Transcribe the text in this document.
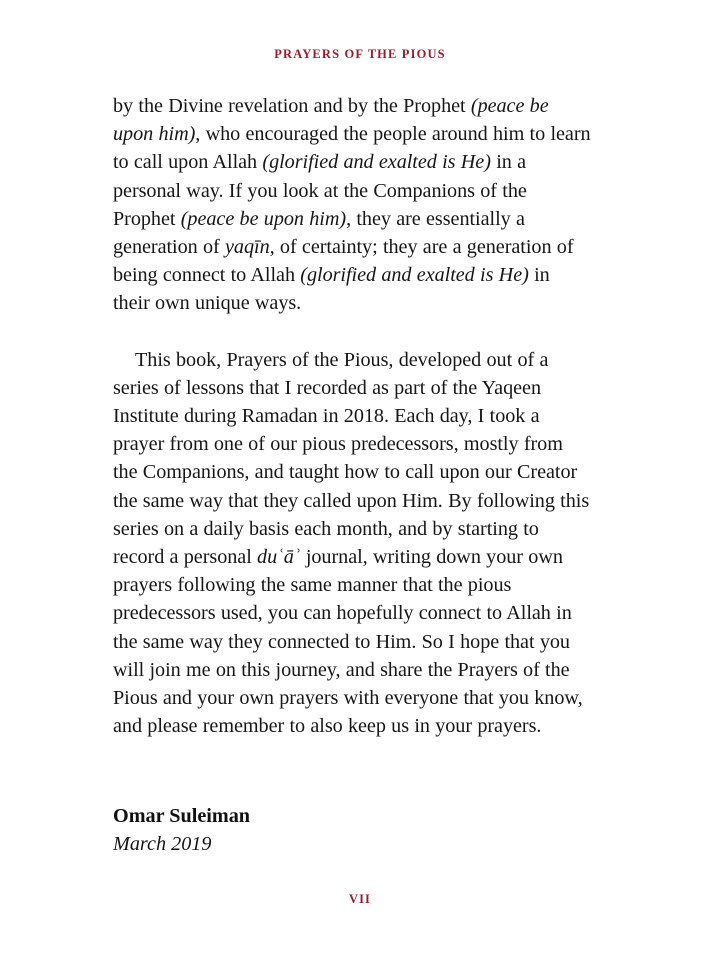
PRAYERS OF THE PIOUS

by the Divine revelation and by the Prophet (peace be upon him), who encouraged the people around him to learn to call upon Allah (glorified and exalted is He) in a personal way. If you look at the Companions of the Prophet (peace be upon him), they are essentially a generation of yaqīn, of certainty; they are a generation of being connect to Allah (glorified and exalted is He) in their own unique ways.

This book, Prayers of the Pious, developed out of a series of lessons that I recorded as part of the Yaqeen Institute during Ramadan in 2018. Each day, I took a prayer from one of our pious predecessors, mostly from the Companions, and taught how to call upon our Creator the same way that they called upon Him. By following this series on a daily basis each month, and by starting to record a personal duʿāʾ journal, writing down your own prayers following the same manner that the pious predecessors used, you can hopefully connect to Allah in the same way they connected to Him. So I hope that you will join me on this journey, and share the Prayers of the Pious and your own prayers with everyone that you know, and please remember to also keep us in your prayers.

Omar Suleiman

March 2019

VII
